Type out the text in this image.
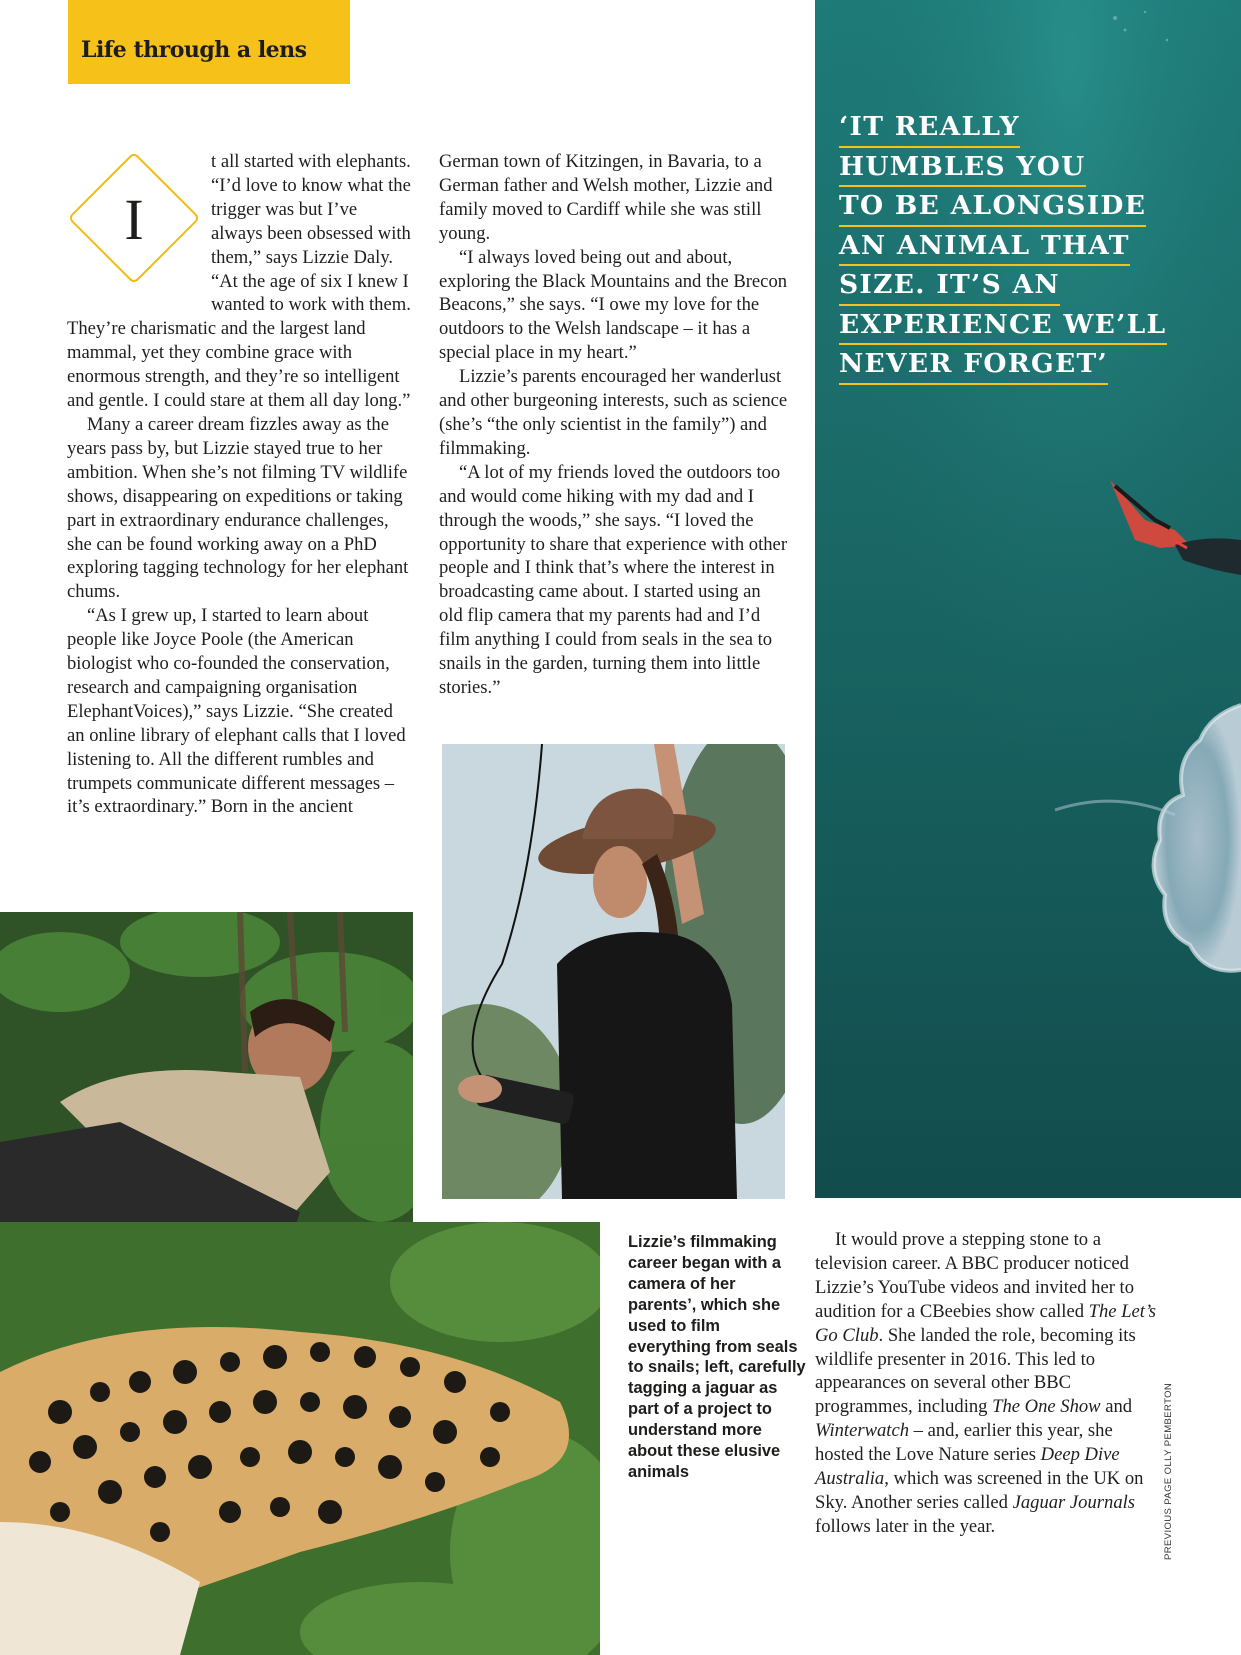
Life through a lens
‘IT REALLY
HUMBLES YOU
TO BE ALONGSIDE
AN ANIMAL THAT
SIZE. IT’S AN
EXPERIENCE WE’LL
NEVER FORGET’

I
t all started with elephants. “I’d love to know what the trigger was but I’ve always been obsessed with them,” says Lizzie Daly. “At the age of six I knew I wanted to work with them. They’re charismatic and the largest land mammal, yet they combine grace with enormous strength, and they’re so intelligent and gentle. I could stare at them all day long.”

Many a career dream fizzles away as the years pass by, but Lizzie stayed true to her ambition. When she’s not filming TV wildlife shows, disappearing on expeditions or taking part in extraordinary endurance challenges, she can be found working away on a PhD exploring tagging technology for her elephant chums.

“As I grew up, I started to learn about people like Joyce Poole (the American biologist who co-founded the conservation, research and campaigning organisation ElephantVoices),” says Lizzie. “She created an online library of elephant calls that I loved listening to. All the different rumbles and trumpets communicate different messages – it’s extraordinary.” Born in the ancient

German town of Kitzingen, in Bavaria, to a German father and Welsh mother, Lizzie and family moved to Cardiff while she was still young.

“I always loved being out and about, exploring the Black Mountains and the Brecon Beacons,” she says. “I owe my love for the outdoors to the Welsh landscape – it has a special place in my heart.”

Lizzie’s parents encouraged her wanderlust and other burgeoning interests, such as science (she’s “the only scientist in the family”) and filmmaking.

“A lot of my friends loved the outdoors too and would come hiking with my dad and I through the woods,” she says. “I loved the opportunity to share that experience with other people and I think that’s where the interest in broadcasting came about. I started using an old flip camera that my parents had and I’d film anything I could from seals in the sea to snails in the garden, turning them into little stories.”

Lizzie’s filmmaking career began with a camera of her parents’, which she used to film everything from seals to snails; left, carefully tagging a jaguar as part of a project to understand more about these elusive animals

It would prove a stepping stone to a television career. A BBC producer noticed Lizzie’s YouTube videos and invited her to audition for a CBeebies show called The Let’s Go Club. She landed the role, becoming its wildlife presenter in 2016. This led to appearances on several other BBC programmes, including The One Show and Winterwatch – and, earlier this year, she hosted the Love Nature series Deep Dive Australia, which was screened in the UK on Sky. Another series called Jaguar Journals follows later in the year.	PREVIOUS PAGE OLLY PEMBERTON
